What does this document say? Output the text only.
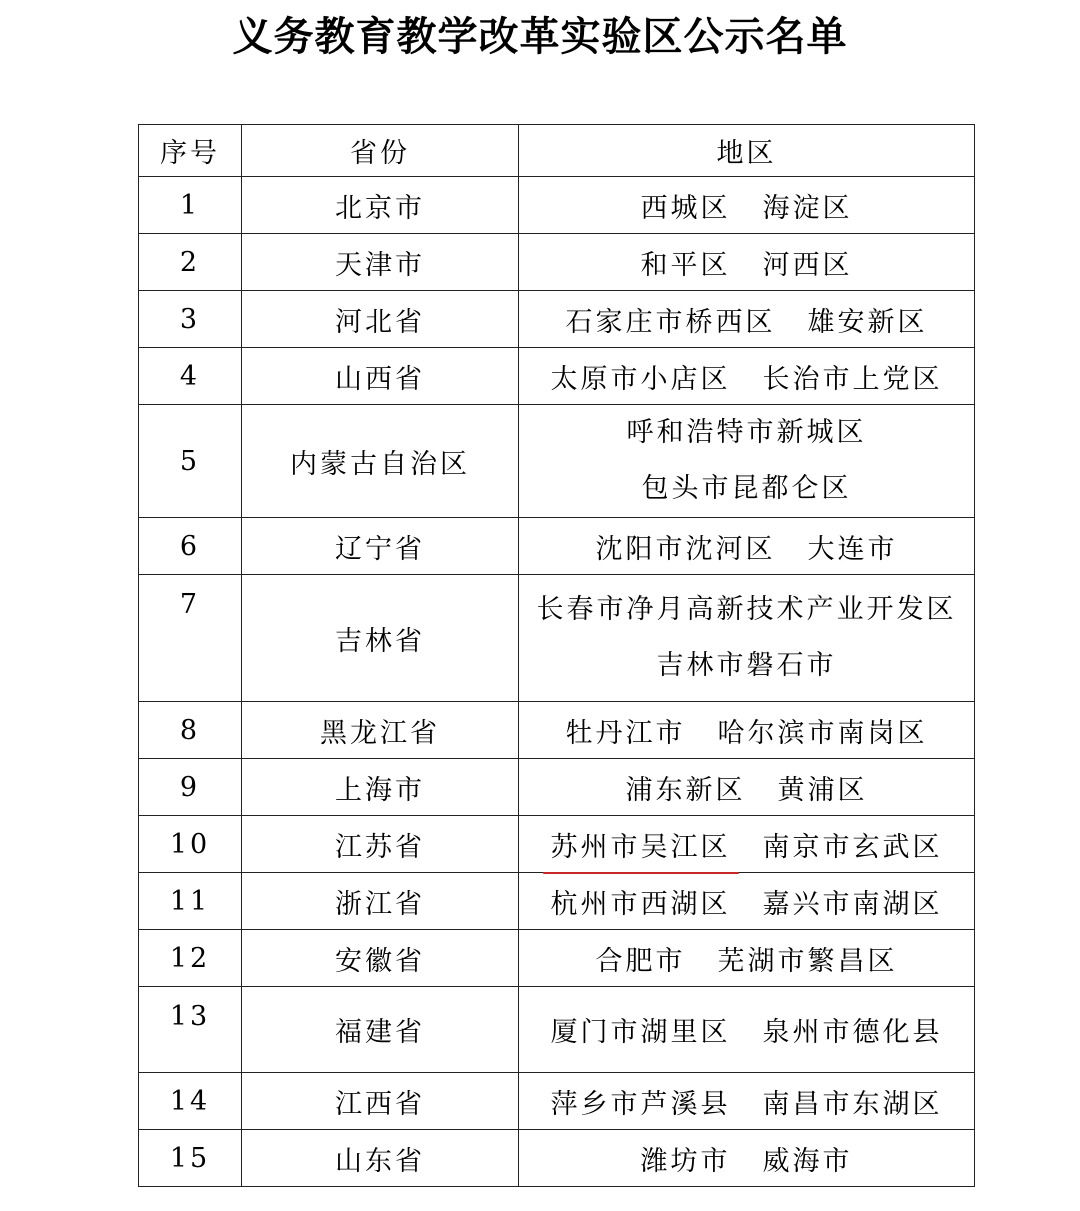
义务教育教学改革实验区公示名单
序号	省份	地区
1	北京市	西城区 海淀区
2	天津市	和平区 河西区
3	河北省	石家庄市桥西区 雄安新区
4	山西省	太原市小店区 长治市上党区
5	内蒙古自治区	呼和浩特市新城区
包头市昆都仑区

6	辽宁省	沈阳市沈河区 大连市
7	吉林省	长春市净月高新技术产业开发区
吉林市磐石市

8	黑龙江省	牡丹江市 哈尔滨市南岗区
9	上海市	浦东新区 黄浦区
10	江苏省	苏州市吴江区 南京市玄武区
11	浙江省	杭州市西湖区 嘉兴市南湖区
12	安徽省	合肥市 芜湖市繁昌区
13	福建省	厦门市湖里区 泉州市德化县
14	江西省	萍乡市芦溪县 南昌市东湖区
15	山东省	潍坊市 威海市
